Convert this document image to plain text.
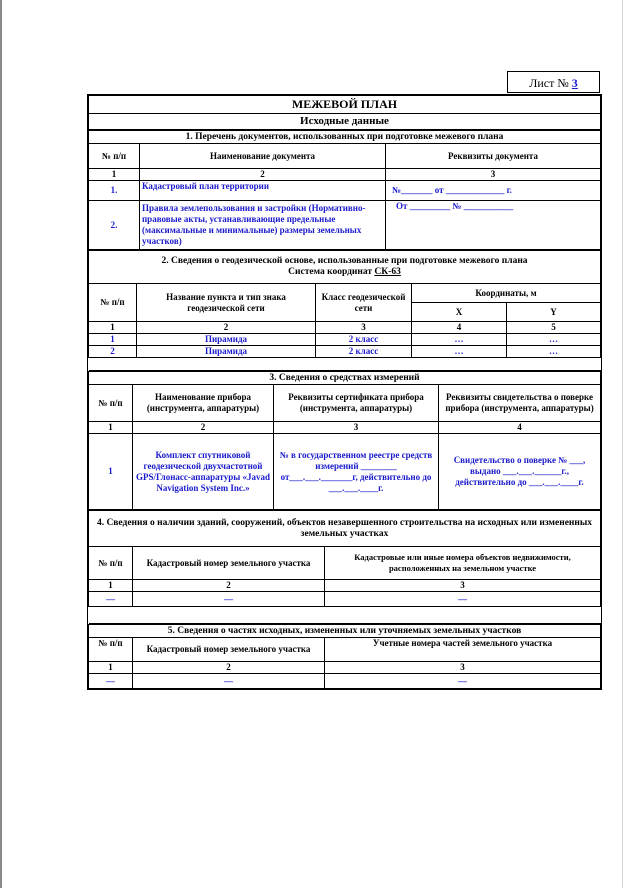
Лист № 3
МЕЖЕВОЙ ПЛАН
Исходные данные
1. Перечень документов, использованных при подготовке межевого плана		
№ п/п	Наименование документа	Реквизиты документа
1	2	3
1.	Кадастровый план территории	№_______ от _____________ г.
2.	Правила землепользования и застройки (Нормативно-правовые акты, устанавливающие предельные (максимальные и минимальные) размеры земельных участков)	От _________ № ___________
2. Сведения о геодезической основе, использованные при подготовке межевого плана
Система координат СК-63				

№ п/п	Название пункта и тип знака геодезической сети	Класс геодезической сети	Координаты, м	
			X	Y
1	2	3	4	5
1	Пирамида	2 класс	…	…
2	Пирамида	2 класс	…	…

3. Сведения о средствах измерений			
№ п/п	Наименование прибора (инструмента, аппаратуры)	Реквизиты сертификата прибора (инструмента, аппаратуры)	Реквизиты свидетельства о поверке прибора (инструмента, аппаратуры)
1	2	3	4
1	Комплект спутниковой геодезической двухчастотной GPS/Глонасс-аппаратуры «Javad Navigation System Inc.»	№ в государственном реестре средств измерений ________ от___.___._______г, действительно до ___.___.____г.	Свидетельство о поверке № ___, выдано ___.___.______г., действительно до ___.___.____г.
4. Сведения о наличии зданий, сооружений, объектов незавершенного строительства на исходных или измененных земельных участках		
№ п/п	Кадастровый номер земельного участка	Кадастровые или иные номера объектов недвижимости, расположенных на земельном участке
1	2	3
—	—	—

5. Сведения о частях исходных, измененных или уточняемых земельных участков		
№ п/п	Кадастровый номер земельного участка	Учетные номера частей земельного участка
1	2	3
—	—	—
